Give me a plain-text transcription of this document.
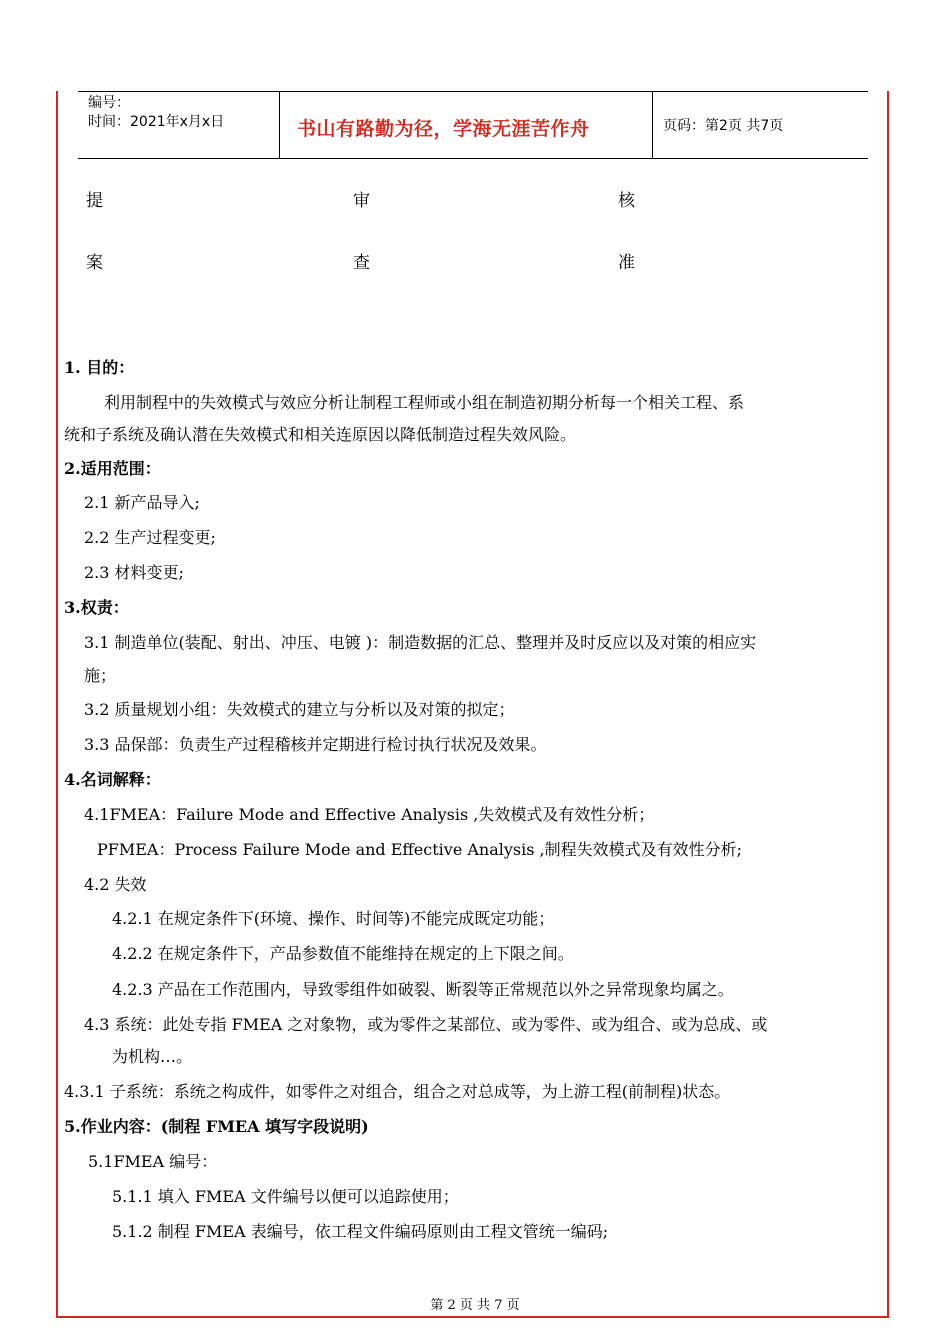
编号：
时间：2021年x月x日	书山有路勤为径，学海无涯苦作舟	页码：第2页 共7页
提
案
审
查
核
准
1. 目的：
利用制程中的失效模式与效应分析让制程工程师或小组在制造初期分析每一个相关工程、系
统和子系统及确认潜在失效模式和相关连原因以降低制造过程失效风险。
2.适用范围：
2.1 新产品导入;
2.2 生产过程变更;
2.3 材料变更;
3.权责：
3.1 制造单位(装配、射出、冲压、电镀 )：制造数据的汇总、整理并及时反应以及对策的相应实
施；
3.2 质量规划小组：失效模式的建立与分析以及对策的拟定；
3.3 品保部：负责生产过程稽核并定期进行检讨执行状况及效果。
4.名词解释：
4.1FMEA：Failure Mode and Effective Analysis ,失效模式及有效性分析；
PFMEA：Process Failure Mode and Effective Analysis ,制程失效模式及有效性分析;
4.2 失效
4.2.1 在规定条件下(环境、操作、时间等)不能完成既定功能；
4.2.2 在规定条件下，产品参数值不能维持在规定的上下限之间。
4.2.3 产品在工作范围内，导致零组件如破裂、断裂等正常规范以外之异常现象均属之。
4.3 系统：此处专指 FMEA 之对象物，或为零件之某部位、或为零件、或为组合、或为总成、或
为机构…。
4.3.1 子系统：系统之构成件，如零件之对组合，组合之对总成等，为上游工程(前制程)状态。
5.作业内容：(制程 FMEA 填写字段说明)
5.1FMEA 编号：
5.1.1 填入 FMEA 文件编号以便可以追踪使用；
5.1.2 制程 FMEA 表编号，依工程文件编码原则由工程文管统一编码;
第 2 页 共 7 页
